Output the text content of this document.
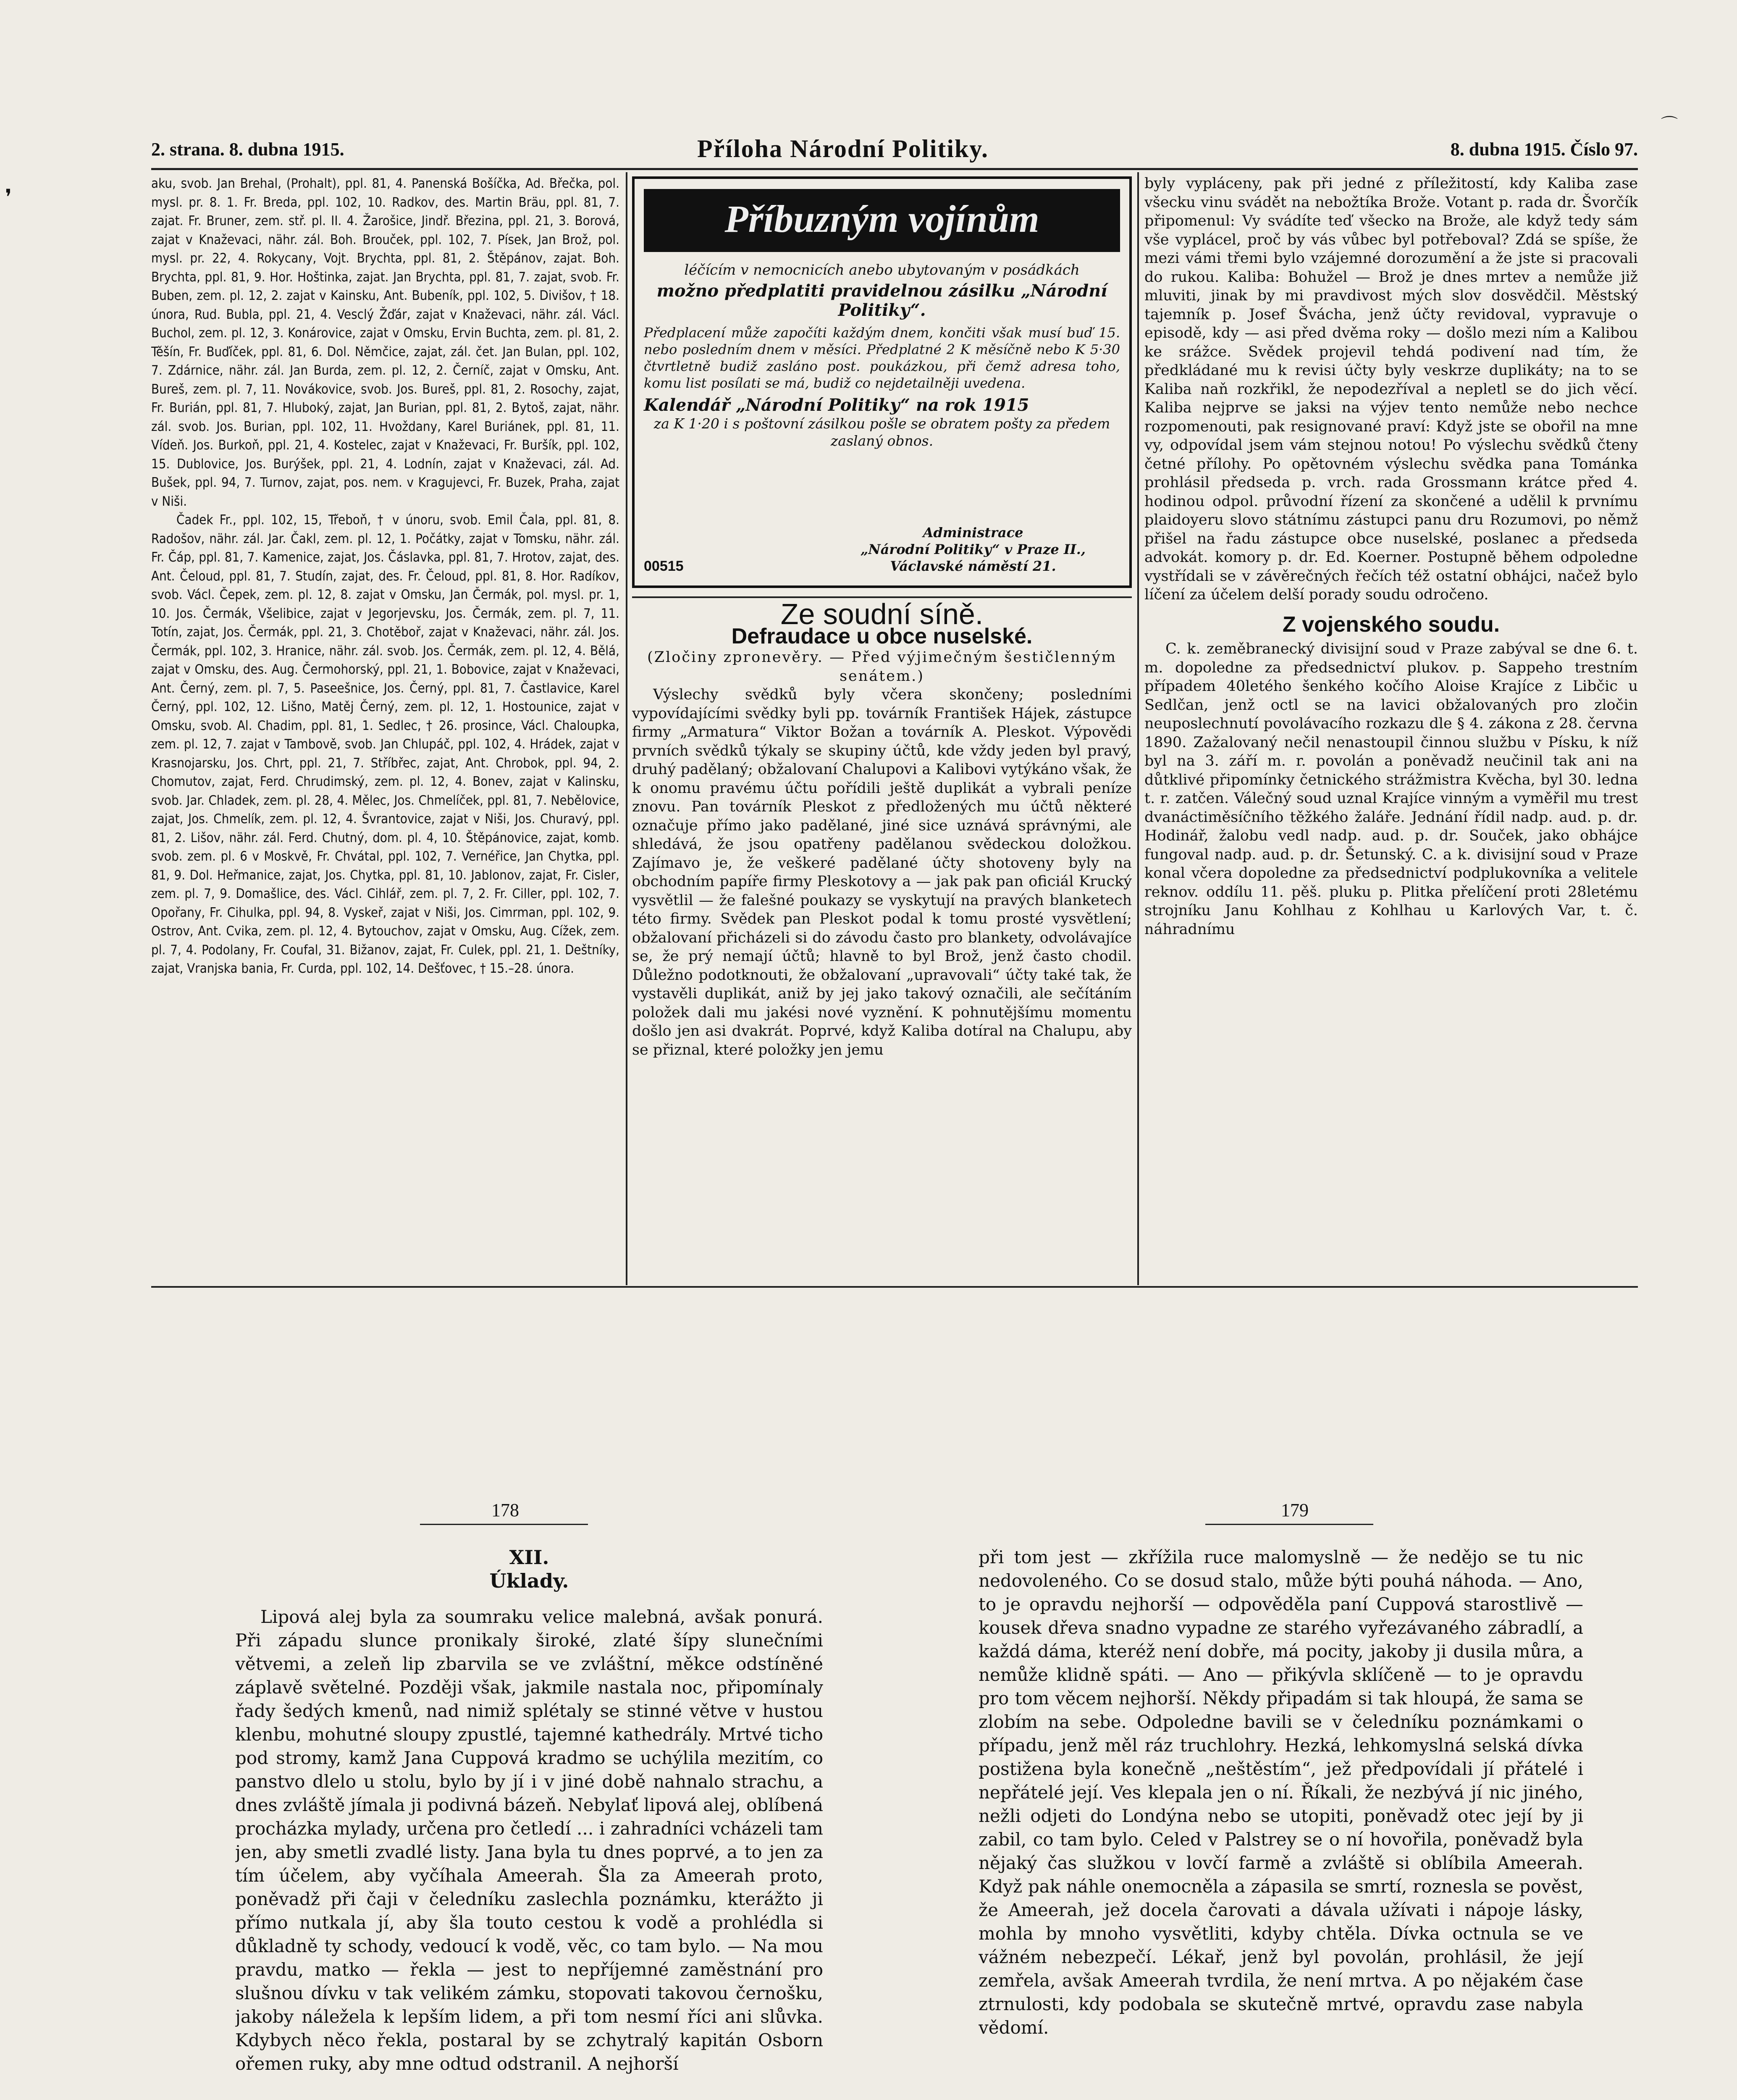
2. strana. 8. dubna 1915.	Příloha Národní Politiky.	8. dubna 1915. Číslo 97.

aku, svob. Jan Brehal, (Prohalt), ppl. 81, 4. Panenská Bošíčka, Ad. Břečka, pol. mysl. pr. 8. 1. Fr. Breda, ppl. 102, 10. Radkov, des. Martin Bräu, ppl. 81, 7. zajat. Fr. Bruner, zem. stř. pl. II. 4. Žarošice, Jindř. Březina, ppl. 21, 3. Borová, zajat v Knaževaci, nähr. zál. Boh. Brouček, ppl. 102, 7. Písek, Jan Brož, pol. mysl. pr. 22, 4. Rokycany, Vojt. Brychta, ppl. 81, 2. Štěpánov, zajat. Boh. Brychta, ppl. 81, 9. Hor. Hoštinka, zajat. Jan Brychta, ppl. 81, 7. zajat, svob. Fr. Buben, zem. pl. 12, 2. zajat v Kainsku, Ant. Bubeník, ppl. 102, 5. Divišov, † 18. února, Rud. Bubla, ppl. 21, 4. Vesclý Žďár, zajat v Knaževaci, nähr. zál. Václ. Buchol, zem. pl. 12, 3. Konárovice, zajat v Omsku, Ervin Buchta, zem. pl. 81, 2. Těšín, Fr. Buďíček, ppl. 81, 6. Dol. Němčice, zajat, zál. čet. Jan Bulan, ppl. 102, 7. Zdárnice, nähr. zál. Jan Burda, zem. pl. 12, 2. Černíč, zajat v Omsku, Ant. Bureš, zem. pl. 7, 11. Novákovice, svob. Jos. Bureš, ppl. 81, 2. Rosochy, zajat, Fr. Burián, ppl. 81, 7. Hluboký, zajat, Jan Burian, ppl. 81, 2. Bytoš, zajat, nähr. zál. svob. Jos. Burian, ppl. 102, 11. Hvoždany, Karel Buriánek, ppl. 81, 11. Vídeň. Jos. Burkoň, ppl. 21, 4. Kostelec, zajat v Knaževaci, Fr. Buršík, ppl. 102, 15. Dublovice, Jos. Burýšek, ppl. 21, 4. Lodnín, zajat v Knaževaci, zál. Ad. Bušek, ppl. 94, 7. Turnov, zajat, pos. nem. v Kragujevci, Fr. Buzek, Praha, zajat v Niši.

Čadek Fr., ppl. 102, 15, Třeboň, † v únoru, svob. Emil Čala, ppl. 81, 8. Radošov, nähr. zál. Jar. Čakl, zem. pl. 12, 1. Počátky, zajat v Tomsku, nähr. zál. Fr. Čáp, ppl. 81, 7. Kamenice, zajat, Jos. Čáslavka, ppl. 81, 7. Hrotov, zajat, des. Ant. Čeloud, ppl. 81, 7. Studín, zajat, des. Fr. Čeloud, ppl. 81, 8. Hor. Radíkov, svob. Václ. Čepek, zem. pl. 12, 8. zajat v Omsku, Jan Čermák, pol. mysl. pr. 1, 10. Jos. Čermák, Všelibice, zajat v Jegorjevsku, Jos. Čermák, zem. pl. 7, 11. Totín, zajat, Jos. Čermák, ppl. 21, 3. Chotěboř, zajat v Knaževaci, nähr. zál. Jos. Čermák, ppl. 102, 3. Hranice, nähr. zál. svob. Jos. Čermák, zem. pl. 12, 4. Bělá, zajat v Omsku, des. Aug. Čermohorský, ppl. 21, 1. Bobovice, zajat v Knaževaci, Ant. Černý, zem. pl. 7, 5. Paseešnice, Jos. Černý, ppl. 81, 7. Častlavice, Karel Černý, ppl. 102, 12. Lišno, Matěj Černý, zem. pl. 12, 1. Hostounice, zajat v Omsku, svob. Al. Chadim, ppl. 81, 1. Sedlec, † 26. prosince, Václ. Chaloupka, zem. pl. 12, 7. zajat v Tambově, svob. Jan Chlupáč, ppl. 102, 4. Hrádek, zajat v Krasnojarsku, Jos. Chrt, ppl. 21, 7. Stříbřec, zajat, Ant. Chrobok, ppl. 94, 2. Chomutov, zajat, Ferd. Chrudimský, zem. pl. 12, 4. Bonev, zajat v Kalinsku, svob. Jar. Chladek, zem. pl. 28, 4. Mělec, Jos. Chmelíček, ppl. 81, 7. Nebělovice, zajat, Jos. Chmelík, zem. pl. 12, 4. Švrantovice, zajat v Niši, Jos. Churavý, ppl. 81, 2. Lišov, nähr. zál. Ferd. Chutný, dom. pl. 4, 10. Štěpánovice, zajat, komb. svob. zem. pl. 6 v Moskvě, Fr. Chvátal, ppl. 102, 7. Vernéřice, Jan Chytka, ppl. 81, 9. Dol. Heřmanice, zajat, Jos. Chytka, ppl. 81, 10. Jablonov, zajat, Fr. Cisler, zem. pl. 7, 9. Domašlice, des. Václ. Cihlář, zem. pl. 7, 2. Fr. Ciller, ppl. 102, 7. Opořany, Fr. Cihulka, ppl. 94, 8. Vyskeř, zajat v Niši, Jos. Cimrman, ppl. 102, 9. Ostrov, Ant. Cvika, zem. pl. 12, 4. Bytouchov, zajat v Omsku, Aug. Cížek, zem. pl. 7, 4. Podolany, Fr. Coufal, 31. Bižanov, zajat, Fr. Culek, ppl. 21, 1. Deštníky, zajat, Vranjska bania, Fr. Curda, ppl. 102, 14. Dešťovec, † 15.–28. února.

Příbuzným vojínům
léčícím v nemocnicích anebo ubytovaným v posádkách
možno předplatiti pravidelnou zásilku „Národní Politiky“.
Předplacení může započíti každým dnem, končiti však musí buď 15. nebo posledním dnem v měsíci. Předplatné 2 K měsíčně nebo K 5·30 čtvrtletně budiž zasláno post. poukázkou, při čemž adresa toho, komu list posílati se má, budiž co nejdetailněji uvedena.
Kalendář „Národní Politiky“ na rok 1915
za K 1·20 i s poštovní zásilkou pošle se obratem pošty za předem zaslaný obnos.
00515
Administrace
„Národní Politiky“ v Praze II.,
Václavské náměstí 21.
Ze soudní síně.
Defraudace u obce nuselské.
(Zločiny zpronevěry. — Před výjimečným šestičlenným senátem.)

Výslechy svědků byly včera skončeny; posledními vypovídajícími svědky byli pp. továrník František Hájek, zástupce firmy „Armatura“ Viktor Božan a továrník A. Pleskot. Výpovědi prvních svědků týkaly se skupiny účtů, kde vždy jeden byl pravý, druhý padělaný; obžalovaní Chalupovi a Kalibovi vytýkáno však, že k onomu pravému účtu pořídili ještě duplikát a vybrali peníze znovu. Pan továrník Pleskot z předložených mu účtů některé označuje přímo jako padělané, jiné sice uznává správnými, ale shledává, že jsou opatřeny padělanou svědeckou doložkou. Zajímavo je, že veškeré padělané účty shotoveny byly na obchodním papíře firmy Pleskotovy a — jak pak pan oficiál Krucký vysvětlil — že falešné poukazy se vyskytují na pravých blanketech této firmy. Svědek pan Pleskot podal k tomu prosté vysvětlení; obžalovaní přicházeli si do závodu často pro blankety, odvolávajíce se, že prý nemají účtů; hlavně to byl Brož, jenž často chodil. Důležno podotknouti, že obžalovaní „upravovali“ účty také tak, že vystavěli duplikát, aniž by jej jako takový označili, ale sečítáním položek dali mu jakési nové vyznění. K pohnutějšímu momentu došlo jen asi dvakrát. Poprvé, když Kaliba dotíral na Chalupu, aby se přiznal, které položky jen jemu

byly vypláceny, pak při jedné z příležitostí, kdy Kaliba zase všecku vinu svádět na nebožtíka Brože. Votant p. rada dr. Švorčík připomenul: Vy svádíte teď všecko na Brože, ale když tedy sám vše vyplácel, proč by vás vůbec byl potřeboval? Zdá se spíše, že mezi vámi třemi bylo vzájemné dorozumění a že jste si pracovali do rukou. Kaliba: Bohužel — Brož je dnes mrtev a nemůže již mluviti, jinak by mi pravdivost mých slov dosvědčil. Městský tajemník p. Josef Švácha, jenž účty revidoval, vypravuje o episodě, kdy — asi před dvěma roky — došlo mezi ním a Kalibou ke srážce. Svědek projevil tehdá podivení nad tím, že předkládané mu k revisi účty byly veskrze duplikáty; na to se Kaliba naň rozkřikl, že nepodezříval a nepletl se do jich věcí. Kaliba nejprve se jaksi na výjev tento nemůže nebo nechce rozpomenouti, pak resignované praví: Když jste se obořil na mne vy, odpovídal jsem vám stejnou notou! Po výslechu svědků čteny četné přílohy. Po opětovném výslechu svědka pana Tománka prohlásil předseda p. vrch. rada Grossmann krátce před 4. hodinou odpol. průvodní řízení za skončené a udělil k prvnímu plaidoyeru slovo státnímu zástupci panu dru Rozumovi, po němž přišel na řadu zástupce obce nuselské, poslanec a předseda advokát. komory p. dr. Ed. Koerner. Postupně během odpoledne vystřídali se v závěrečných řečích též ostatní obhájci, načež bylo líčení za účelem delší porady soudu odročeno.

Z vojenského soudu.

C. k. zeměbranecký divisijní soud v Praze zabýval se dne 6. t. m. dopoledne za předsednictví plukov. p. Sappeho trestním případem 40letého šenkého kočího Aloise Krajíce z Libčic u Sedlčan, jenž octl se na lavici obžalovaných pro zločin neuposlechnutí povolávacího rozkazu dle § 4. zákona z 28. června 1890. Zažalovaný nečil nenastoupil činnou službu v Písku, k níž byl na 3. září m. r. povolán a poněvadž neučinil tak ani na důtklivé připomínky četnického strážmistra Kvěcha, byl 30. ledna t. r. zatčen. Válečný soud uznal Krajíce vinným a vyměřil mu trest dvanáctiměsíčního těžkého žaláře. Jednání řídil nadp. aud. p. dr. Hodinář, žalobu vedl nadp. aud. p. dr. Souček, jako obhájce fungoval nadp. aud. p. dr. Šetunský. C. a k. divisijní soud v Praze konal včera dopoledne za předsednictví podplukovníka a velitele reknov. oddílu 11. pěš. pluku p. Plitka přelíčení proti 28letému strojníku Janu Kohlhau z Kohlhau u Karlových Var, t. č. náhradnímu

178	179
XII.
Úklady.

Lipová alej byla za soumraku velice malebná, avšak ponurá. Při západu slunce pronikaly široké, zlaté šípy slunečními větvemi, a zeleň lip zbarvila se ve zvláštní, měkce odstíněné záplavě světelné. Později však, jakmile nastala noc, připomínaly řady šedých kmenů, nad nimiž splétaly se stinné větve v hustou klenbu, mohutné sloupy zpustlé, tajemné kathedrály. Mrtvé ticho pod stromy, kamž Jana Cuppová kradmo se uchýlila mezitím, co panstvo dlelo u stolu, bylo by jí i v jiné době nahnalo strachu, a dnes zvláště jímala ji podivná bázeň. Nebylať lipová alej, oblíbená procházka mylady, určena pro četledí ... i zahradníci vcházeli tam jen, aby smetli zvadlé listy. Jana byla tu dnes poprvé, a to jen za tím účelem, aby vyčíhala Ameerah. Šla za Ameerah proto, poněvadž při čaji v čeledníku zaslechla poznámku, kterážto ji přímo nutkala jí, aby šla touto cestou k vodě a prohlédla si důkladně ty schody, vedoucí k vodě, věc, co tam bylo. — Na mou pravdu, matko — řekla — jest to nepříjemné zaměstnání pro slušnou dívku v tak velikém zámku, stopovati takovou černošku, jakoby náležela k lepším lidem, a při tom nesmí říci ani slůvka. Kdybych něco řekla, postaral by se zchytralý kapitán Osborn ořemen ruky, aby mne odtud odstranil. A nejhorší

při tom jest — zkřížila ruce malomyslně — že nedějo se tu nic nedovoleného. Co se dosud stalo, může býti pouhá náhoda. — Ano, to je opravdu nejhorší — odpověděla paní Cuppová starostlivě — kousek dřeva snadno vypadne ze starého vyřezávaného zábradlí, a každá dáma, kteréž není dobře, má pocity, jakoby ji dusila můra, a nemůže klidně spáti. — Ano — přikývla sklíčeně — to je opravdu pro tom věcem nejhorší. Někdy připadám si tak hloupá, že sama se zlobím na sebe. Odpoledne bavili se v čeledníku poznámkami o případu, jenž měl ráz truchlohry. Hezká, lehkomyslná selská dívka postižena byla konečně „neštěstím“, jež předpovídali jí přátelé i nepřátelé její. Ves klepala jen o ní. Říkali, že nezbývá jí nic jiného, nežli odjeti do Londýna nebo se utopiti, poněvadž otec její by ji zabil, co tam bylo. Celed v Palstrey se o ní hovořila, poněvadž byla nějaký čas služkou v lovčí farmě a zvláště si oblíbila Ameerah. Když pak náhle onemocněla a zápasila se smrtí, roznesla se pověst, že Ameerah, jež docela čarovati a dávala užívati i nápoje lásky, mohla by mnoho vysvětliti, kdyby chtěla. Dívka octnula se ve vážném nebezpečí. Lékař, jenž byl povolán, prohlásil, že její zemřela, avšak Ameerah tvrdila, že není mrtva. A po nějakém čase ztrnulosti, kdy podobala se skutečně mrtvé, opravdu zase nabyla vědomí.

❜
⌒
